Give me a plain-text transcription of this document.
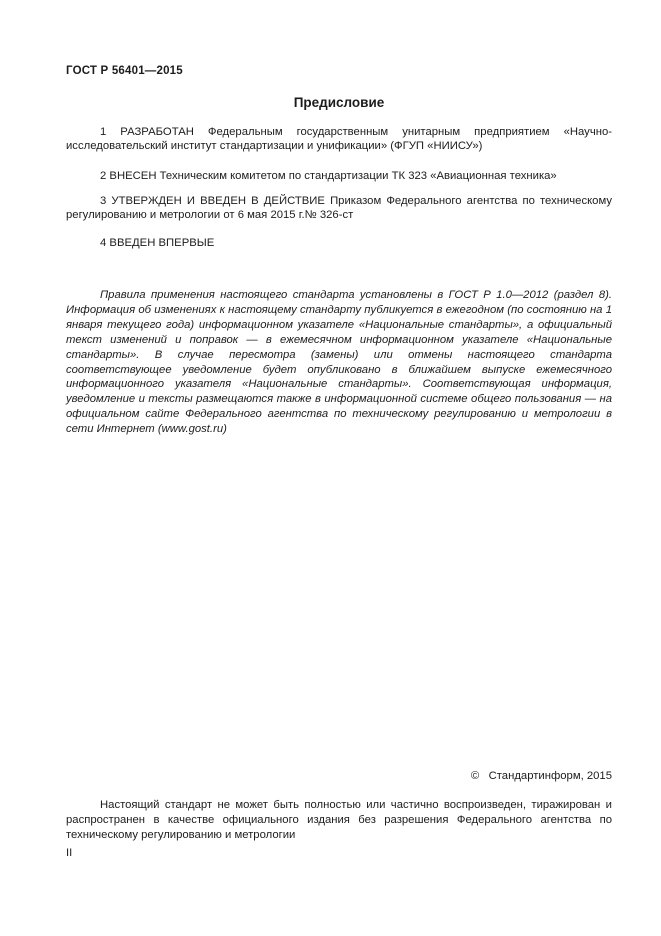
ГОСТ Р 56401—2015
Предисловие

1 РАЗРАБОТАН Федеральным государственным унитарным предприятием «Научно-исследовательский институт стандартизации и унификации» (ФГУП «НИИСУ»)

2 ВНЕСЕН Техническим комитетом по стандартизации ТК 323 «Авиационная техника»

3 УТВЕРЖДЕН И ВВЕДЕН В ДЕЙСТВИЕ Приказом Федерального агентства по техническому регулированию и метрологии от 6 мая 2015 г.№ 326-ст

4 ВВЕДЕН ВПЕРВЫЕ

Правила применения настоящего стандарта установлены в ГОСТ Р 1.0—2012 (раздел 8). Информация об изменениях к настоящему стандарту публикуется в ежегодном (по состоянию на 1 января текущего года) информационном указателе «Национальные стандарты», а официальный текст изменений и поправок — в ежемесячном информационном указателе «Национальные стандарты». В случае пересмотра (замены) или отмены настоящего стандарта соответствующее уведомление будет опубликовано в ближайшем выпуске ежемесячного информационного указателя «Национальные стандарты». Соответствующая информация, уведомление и тексты размещаются также в информационной системе общего пользования — на официальном сайте Федерального агентства по техническому регулированию и метрологии в сети Интернет (www.gost.ru)

©   Стандартинформ, 2015

Настоящий стандарт не может быть полностью или частично воспроизведен, тиражирован и распространен в качестве официального издания без разрешения Федерального агентства по техническому регулированию и метрологии

II
